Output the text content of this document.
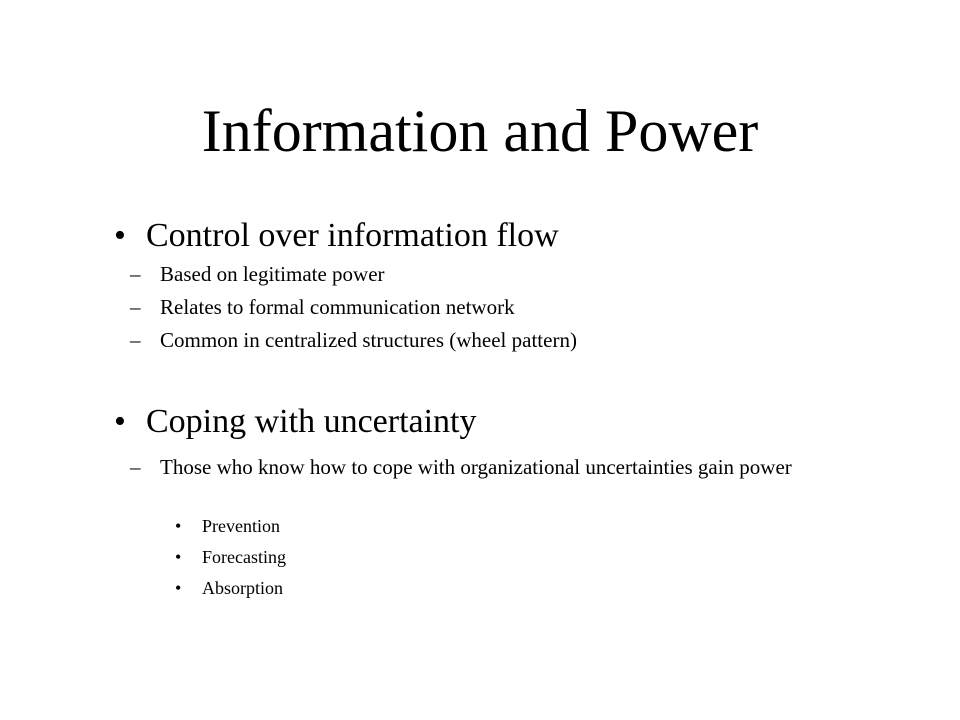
Information and Power
• Control over information flow
– Based on legitimate power
– Relates to formal communication network
– Common in centralized structures (wheel pattern)
• Coping with uncertainty
– Those who know how to cope with organizational uncertainties gain power
• Prevention
• Forecasting
• Absorption
